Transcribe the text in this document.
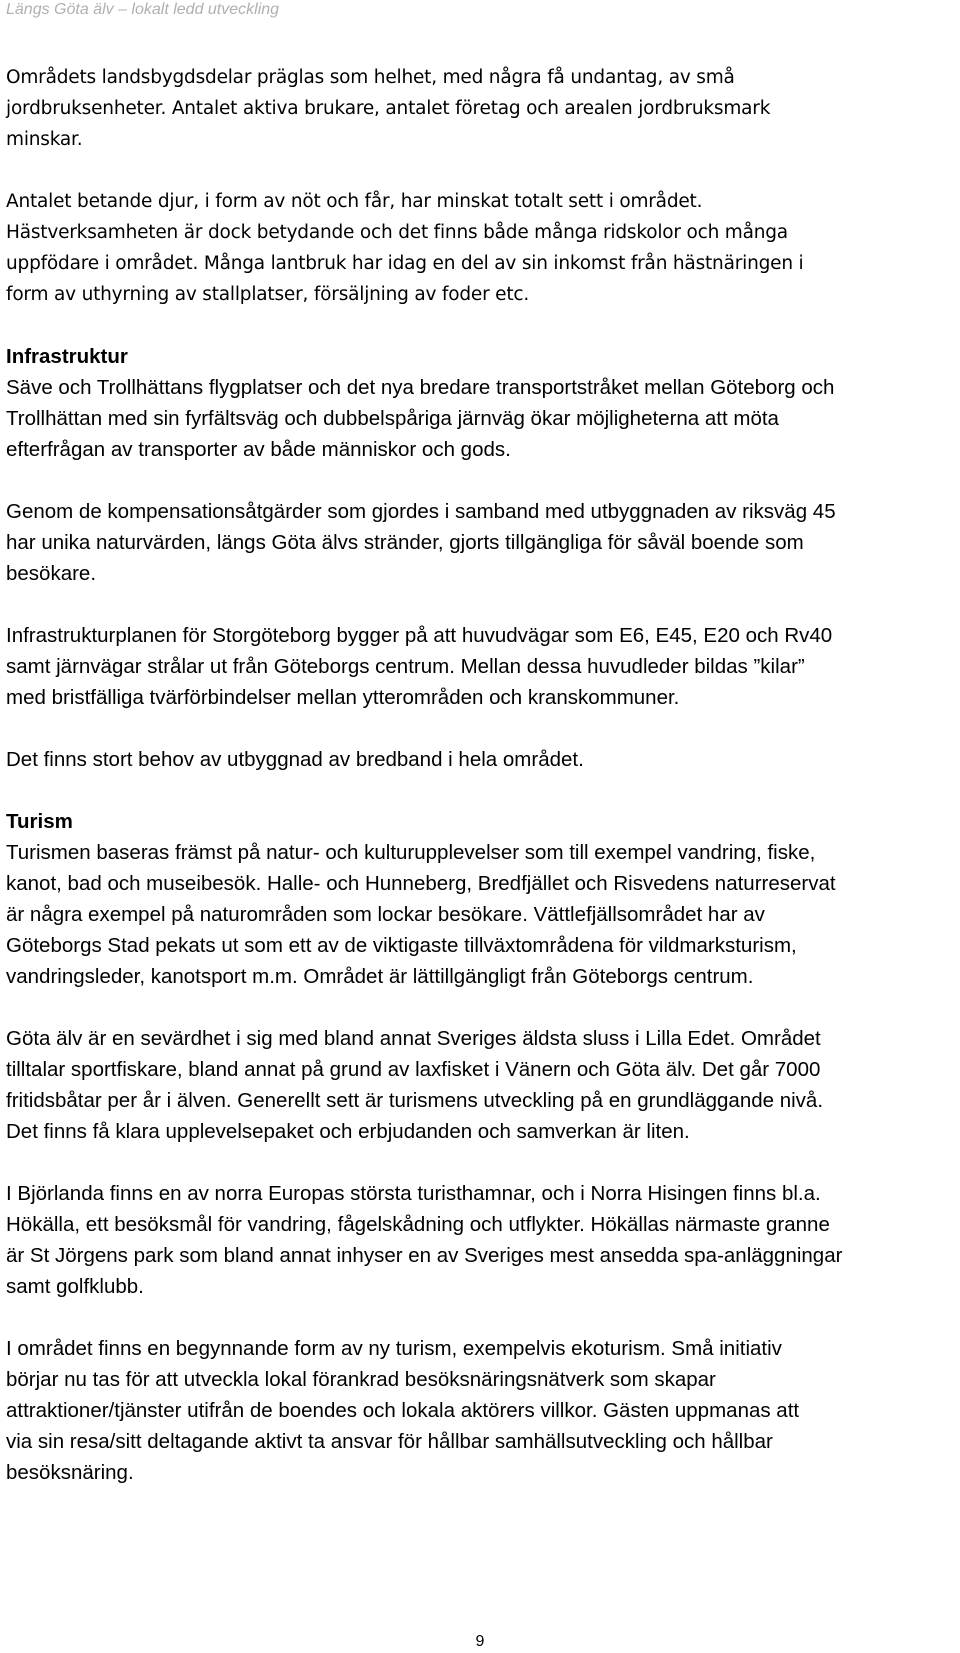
Längs Göta älv – lokalt ledd utveckling
Områdets landsbygdsdelar präglas som helhet, med några få undantag, av små
jordbruksenheter. Antalet aktiva brukare, antalet företag och arealen jordbruksmark
minskar.
Antalet betande djur, i form av nöt och får, har minskat totalt sett i området.
Hästverksamheten är dock betydande och det finns både många ridskolor och många
uppfödare i området. Många lantbruk har idag en del av sin inkomst från hästnäringen i
form av uthyrning av stallplatser, försäljning av foder etc.
Infrastruktur
Säve och Trollhättans flygplatser och det nya bredare transportstråket mellan Göteborg och
Trollhättan med sin fyrfältsväg och dubbelspåriga järnväg ökar möjligheterna att möta
efterfrågan av transporter av både människor och gods.
Genom de kompensationsåtgärder som gjordes i samband med utbyggnaden av riksväg 45
har unika naturvärden, längs Göta älvs stränder, gjorts tillgängliga för såväl boende som
besökare.
Infrastrukturplanen för Storgöteborg bygger på att huvudvägar som E6, E45, E20 och Rv40
samt järnvägar strålar ut från Göteborgs centrum. Mellan dessa huvudleder bildas ”kilar”
med bristfälliga tvärförbindelser mellan ytterområden och kranskommuner.
Det finns stort behov av utbyggnad av bredband i hela området.
Turism
Turismen baseras främst på natur- och kulturupplevelser som till exempel vandring, fiske,
kanot, bad och museibesök. Halle- och Hunneberg, Bredfjället och Risvedens naturreservat
är några exempel på naturområden som lockar besökare. Vättlefjällsområdet har av
Göteborgs Stad pekats ut som ett av de viktigaste tillväxtområdena för vildmarksturism,
vandringsleder, kanotsport m.m. Området är lättillgängligt från Göteborgs centrum.
Göta älv är en sevärdhet i sig med bland annat Sveriges äldsta sluss i Lilla Edet. Området
tilltalar sportfiskare, bland annat på grund av laxfisket i Vänern och Göta älv. Det går 7000
fritidsbåtar per år i älven. Generellt sett är turismens utveckling på en grundläggande nivå.
Det finns få klara upplevelsepaket och erbjudanden och samverkan är liten.
I Björlanda finns en av norra Europas största turisthamnar, och i Norra Hisingen finns bl.a.
Hökälla, ett besöksmål för vandring, fågelskådning och utflykter. Hökällas närmaste granne
är St Jörgens park som bland annat inhyser en av Sveriges mest ansedda spa-anläggningar
samt golfklubb.
I området finns en begynnande form av ny turism, exempelvis ekoturism. Små initiativ
börjar nu tas för att utveckla lokal förankrad besöksnäringsnätverk som skapar
attraktioner/tjänster utifrån de boendes och lokala aktörers villkor. Gästen uppmanas att
via sin resa/sitt deltagande aktivt ta ansvar för hållbar samhällsutveckling och hållbar
besöksnäring.
9
